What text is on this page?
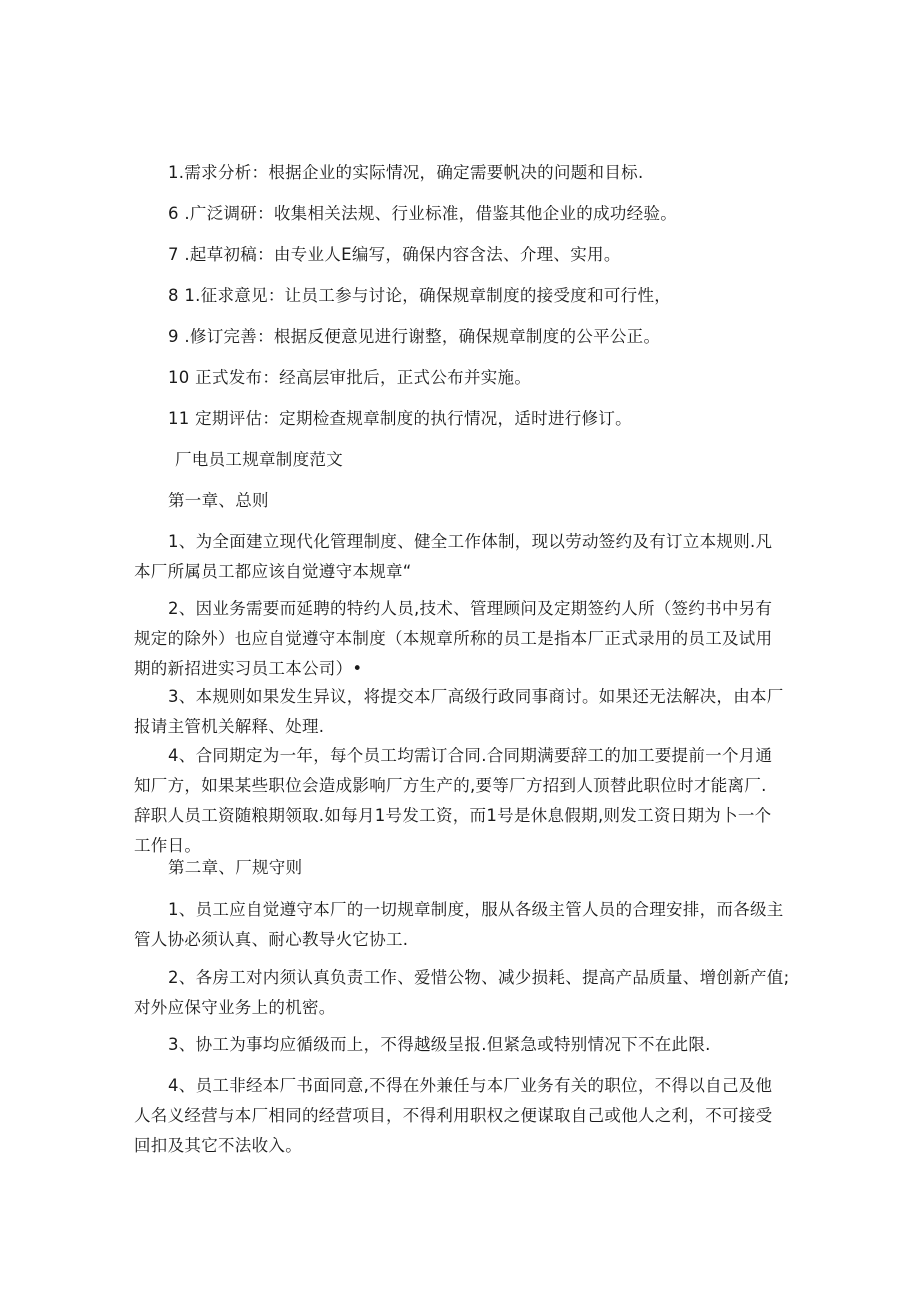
1.需求分析：根据企业的实际情况，确定需要帆决的问题和目标.
6 .广泛调研：收集相关法规、行业标准，借鉴其他企业的成功经验。
7 .起草初稿：由专业人E编写，确保内容含法、介理、实用。
8 1.征求意见：让员工参与讨论，确保规章制度的接受度和可行性，
9 .修订完善：根据反便意见进行谢整，确保规章制度的公平公正。
10 正式发布：经高层审批后，正式公布并实施。
11 定期评估：定期检查规章制度的执行情况，适时进行修订。
厂电员工规章制度范文
第一章、总则
1、为全面建立现代化管理制度、健全工作体制，现以劳动签约及有订立本规则.凡
本厂所属员工都应该自觉遵守本规章“
2、因业务需要而延聘的特约人员,技术、管理顾问及定期签约人所（签约书中另有
规定的除外）也应自觉遵守本制度（本规章所称的员工是指本厂正式录用的员工及试用
期的新招进实习员工本公司）•
3、本规则如果发生异议，将提交本厂高级行政同事商讨。如果还无法解决，由本厂
报请主管机关解释、处理.
4、合同期定为一年，每个员工均需订合同.合同期满要辞工的加工要提前一个月通
知厂方，如果某些职位会造成影响厂方生产的,要等厂方招到人顶替此职位时才能离厂.
辞职人员工资随粮期领取.如每月1号发工资，而1号是休息假期,则发工资日期为卜一个
工作日。
第二章、厂规守则
1、员工应自觉遵守本厂的一切规章制度，服从各级主管人员的合理安排，而各级主
管人协必须认真、耐心教导火它协工.
2、各房工对内须认真负责工作、爱惜公物、减少损耗、提高产品质量、增创新产值;
对外应保守业务上的机密。
3、协工为事均应循级而上，不得越级呈报.但紧急或特别情况下不在此限.
4、员工非经本厂书面同意,不得在外兼任与本厂业务有关的职位，不得以自己及他
人名义经营与本厂相同的经营项目，不得利用职权之便谋取自己或他人之利，不可接受
回扣及其它不法收入。
